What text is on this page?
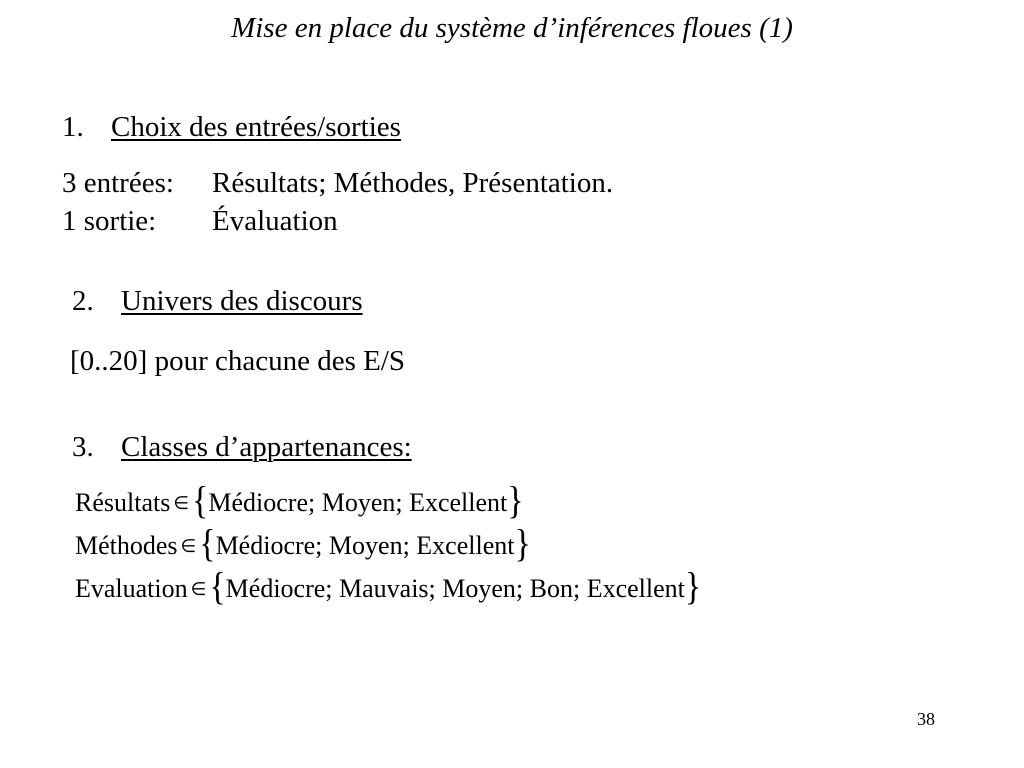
Mise en place du système d’inférences floues (1)
1. Choix des entrées/sorties
3 entrées: Résultats; Méthodes, Présentation.
1 sortie: Évaluation
2. Univers des discours
[0..20] pour chacune des E/S
3. Classes d’appartenances:
Résultats ∈ { Médiocre; Moyen; Excellent }
Méthodes ∈ { Médiocre; Moyen; Excellent }
Evaluation ∈ { Médiocre; Mauvais; Moyen; Bon; Excellent }
38
